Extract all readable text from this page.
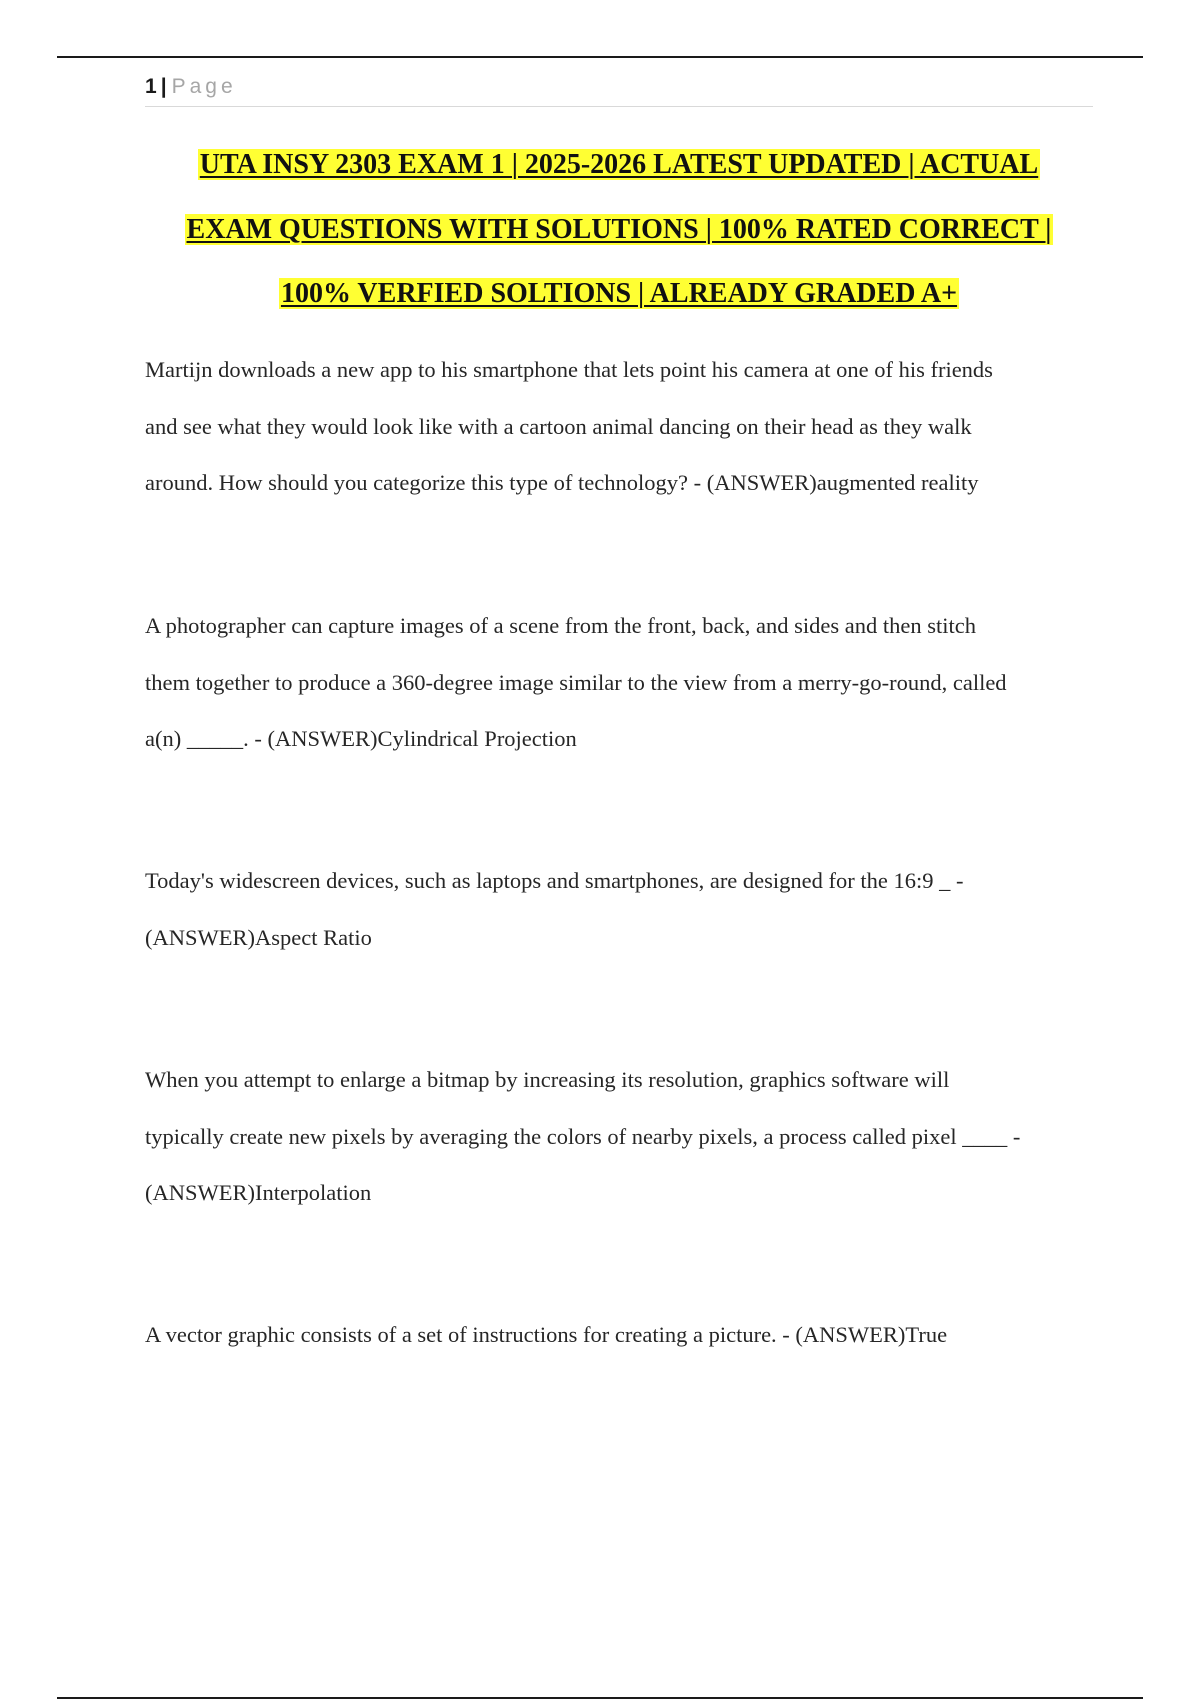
1 | Page
UTA INSY 2303 EXAM 1 | 2025-2026 LATEST UPDATED | ACTUAL
EXAM QUESTIONS WITH SOLUTIONS | 100% RATED CORRECT |
100% VERFIED SOLTIONS | ALREADY GRADED A+
Martijn downloads a new app to his smartphone that lets point his camera at one of his friends
and see what they would look like with a cartoon animal dancing on their head as they walk
around. How should you categorize this type of technology? - (ANSWER)augmented reality
A photographer can capture images of a scene from the front, back, and sides and then stitch
them together to produce a 360-degree image similar to the view from a merry-go-round, called
a(n) _____. - (ANSWER)Cylindrical Projection
Today's widescreen devices, such as laptops and smartphones, are designed for the 16:9 _ -
(ANSWER)Aspect Ratio
When you attempt to enlarge a bitmap by increasing its resolution, graphics software will
typically create new pixels by averaging the colors of nearby pixels, a process called pixel ____ -
(ANSWER)Interpolation
A vector graphic consists of a set of instructions for creating a picture. - (ANSWER)True
